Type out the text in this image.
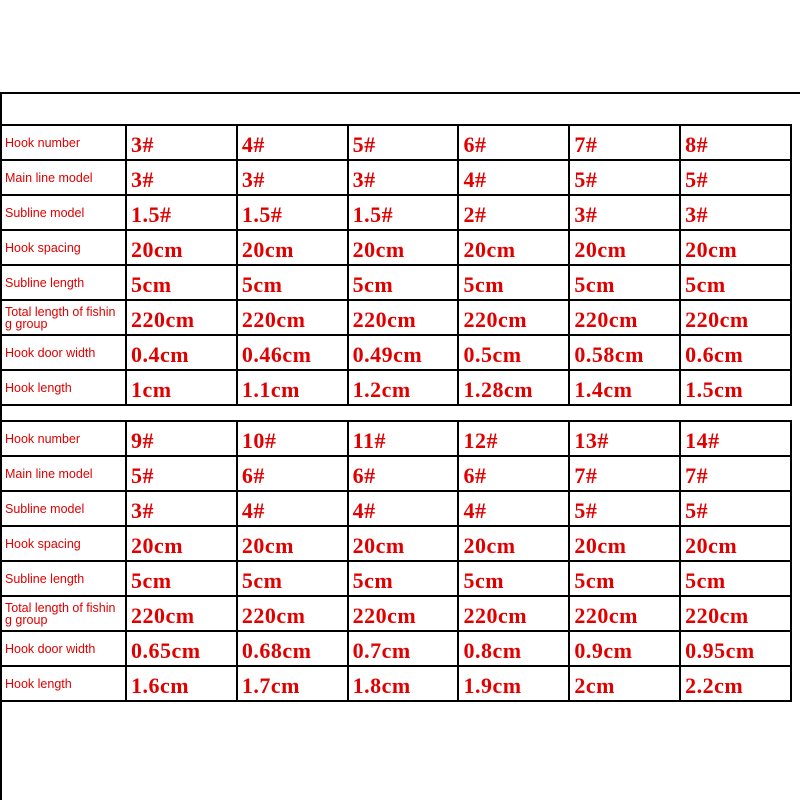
Hook number	3#	4#	5#	6#	7#	8#
Main line model	3#	3#	3#	4#	5#	5#
Subline model	1.5#	1.5#	1.5#	2#	3#	3#
Hook spacing	20cm	20cm	20cm	20cm	20cm	20cm
Subline length	5cm	5cm	5cm	5cm	5cm	5cm
Total length of fishin g group	220cm	220cm	220cm	220cm	220cm	220cm
Hook door width	0.4cm	0.46cm	0.49cm	0.5cm	0.58cm	0.6cm
Hook length	1cm	1.1cm	1.2cm	1.28cm	1.4cm	1.5cm
Hook number	9#	10#	11#	12#	13#	14#
Main line model	5#	6#	6#	6#	7#	7#
Subline model	3#	4#	4#	4#	5#	5#
Hook spacing	20cm	20cm	20cm	20cm	20cm	20cm
Subline length	5cm	5cm	5cm	5cm	5cm	5cm
Total length of fishin g group	220cm	220cm	220cm	220cm	220cm	220cm
Hook door width	0.65cm	0.68cm	0.7cm	0.8cm	0.9cm	0.95cm
Hook length	1.6cm	1.7cm	1.8cm	1.9cm	2cm	2.2cm
